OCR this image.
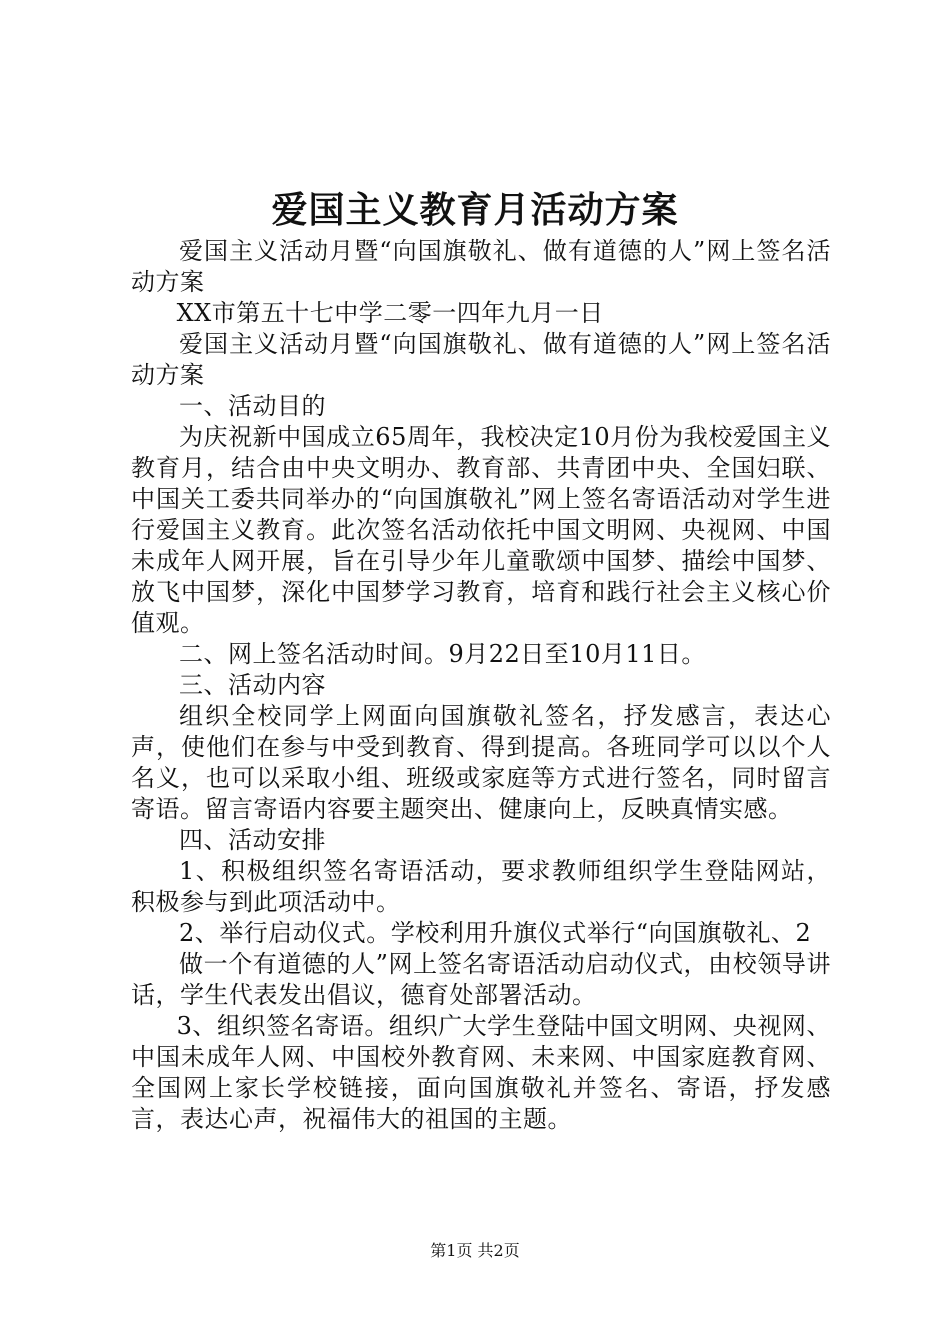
爱国主义教育月活动方案

爱国主义活动月暨“向国旗敬礼、做有道德的人”网上签名活动方案

XX市第五十七中学二零一四年九月一日

爱国主义活动月暨“向国旗敬礼、做有道德的人”网上签名活动方案

一、活动目的

为庆祝新中国成立65周年，我校决定10月份为我校爱国主义教育月，结合由中央文明办、教育部、共青团中央、全国妇联、中国关工委共同举办的“向国旗敬礼”网上签名寄语活动对学生进行爱国主义教育。此次签名活动依托中国文明网、央视网、中国未成年人网开展，旨在引导少年儿童歌颂中国梦、描绘中国梦、放飞中国梦，深化中国梦学习教育，培育和践行社会主义核心价值观。

二、网上签名活动时间。9月22日至10月11日。

三、活动内容

组织全校同学上网面向国旗敬礼签名，抒发感言，表达心声，使他们在参与中受到教育、得到提高。各班同学可以以个人名义，也可以采取小组、班级或家庭等方式进行签名，同时留言寄语。留言寄语内容要主题突出、健康向上，反映真情实感。

四、活动安排

1、积极组织签名寄语活动，要求教师组织学生登陆网站，积极参与到此项活动中。

2、举行启动仪式。学校利用升旗仪式举行“向国旗敬礼、2

做一个有道德的人”网上签名寄语活动启动仪式，由校领导讲话，学生代表发出倡议，德育处部署活动。

3、组织签名寄语。组织广大学生登陆中国文明网、央视网、中国未成年人网、中国校外教育网、未来网、中国家庭教育网、全国网上家长学校链接，面向国旗敬礼并签名、寄语，抒发感言，表达心声，祝福伟大的祖国的主题。

第1页 共2页
